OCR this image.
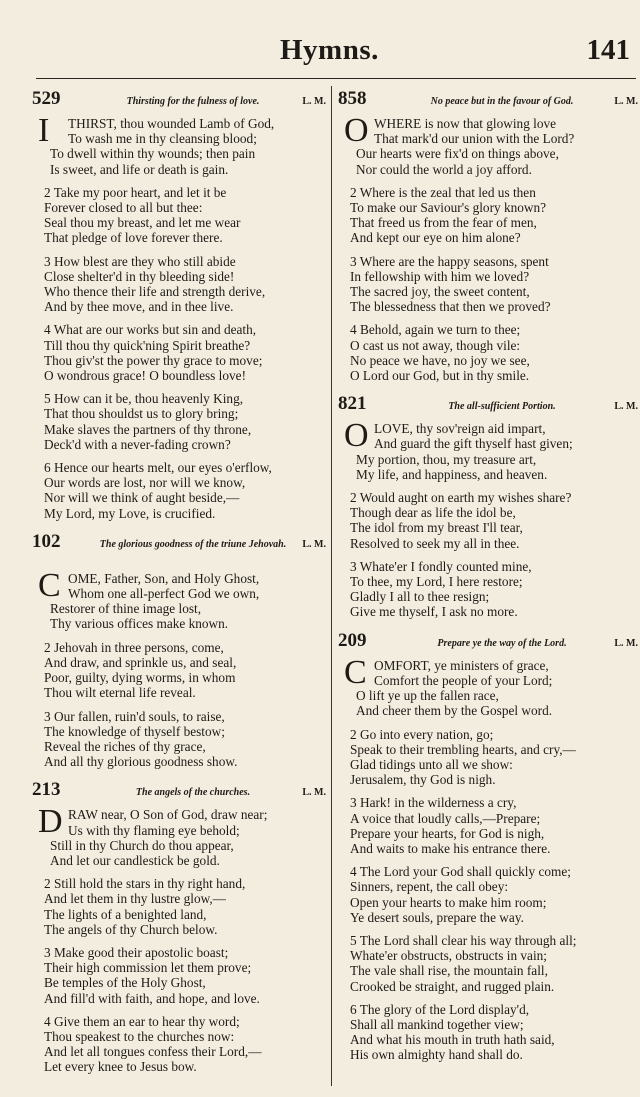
Hymns.	141
529	Thirsting for the fulness of love.	L. M.
I	THIRST, thou wounded Lamb of God,
To wash me in thy cleansing blood;
To dwell within thy wounds; then pain
Is sweet, and life or death is gain.
2 Take my poor heart, and let it be
Forever closed to all but thee:
Seal thou my breast, and let me wear
That pledge of love forever there.
3 How blest are they who still abide
Close shelter'd in thy bleeding side!
Who thence their life and strength derive,
And by thee move, and in thee live.
4 What are our works but sin and death,
Till thou thy quick'ning Spirit breathe?
Thou giv'st the power thy grace to move;
O wondrous grace! O boundless love!
5 How can it be, thou heavenly King,
That thou shouldst us to glory bring;
Make slaves the partners of thy throne,
Deck'd with a never-fading crown?
6 Hence our hearts melt, our eyes o'erflow,
Our words are lost, nor will we know,
Nor will we think of aught beside,—
My Lord, my Love, is crucified.
102	The glorious goodness of the triune Jehovah.	L. M.
C OME, Father, Son, and Holy Ghost,
Whom one all-perfect God we own,
Restorer of thine image lost,
Thy various offices make known.
2 Jehovah in three persons, come,
And draw, and sprinkle us, and seal,
Poor, guilty, dying worms, in whom
Thou wilt eternal life reveal.
3 Our fallen, ruin'd souls, to raise,
The knowledge of thyself bestow;
Reveal the riches of thy grace,
And all thy glorious goodness show.
213	The angels of the churches.	L. M.
D RAW near, O Son of God, draw near;
Us with thy flaming eye behold;
Still in thy Church do thou appear,
And let our candlestick be gold.
2 Still hold the stars in thy right hand,
And let them in thy lustre glow,—
The lights of a benighted land,
The angels of thy Church below.
3 Make good their apostolic boast;
Their high commission let them prove;
Be temples of the Holy Ghost,
And fill'd with faith, and hope, and love.
4 Give them an ear to hear thy word;
Thou speakest to the churches now:
And let all tongues confess their Lord,—
Let every knee to Jesus bow.
858	No peace but in the favour of God.	L. M.
O WHERE is now that glowing love
That mark'd our union with the Lord?
Our hearts were fix'd on things above,
Nor could the world a joy afford.
2 Where is the zeal that led us then
To make our Saviour's glory known?
That freed us from the fear of men,
And kept our eye on him alone?
3 Where are the happy seasons, spent
In fellowship with him we loved?
The sacred joy, the sweet content,
The blessedness that then we proved?
4 Behold, again we turn to thee;
O cast us not away, though vile:
No peace we have, no joy we see,
O Lord our God, but in thy smile.
821	The all-sufficient Portion.	L. M.
O LOVE, thy sov'reign aid impart,
And guard the gift thyself hast given;
My portion, thou, my treasure art,
My life, and happiness, and heaven.
2 Would aught on earth my wishes share?
Though dear as life the idol be,
The idol from my breast I'll tear,
Resolved to seek my all in thee.
3 Whate'er I fondly counted mine,
To thee, my Lord, I here restore;
Gladly I all to thee resign;
Give me thyself, I ask no more.
209	Prepare ye the way of the Lord.	L. M.
C OMFORT, ye ministers of grace,
Comfort the people of your Lord;
O lift ye up the fallen race,
And cheer them by the Gospel word.
2 Go into every nation, go;
Speak to their trembling hearts, and cry,—
Glad tidings unto all we show:
Jerusalem, thy God is nigh.
3 Hark! in the wilderness a cry,
A voice that loudly calls,—Prepare;
Prepare your hearts, for God is nigh,
And waits to make his entrance there.
4 The Lord your God shall quickly come;
Sinners, repent, the call obey:
Open your hearts to make him room;
Ye desert souls, prepare the way.
5 The Lord shall clear his way through all;
Whate'er obstructs, obstructs in vain;
The vale shall rise, the mountain fall,
Crooked be straight, and rugged plain.
6 The glory of the Lord display'd,
Shall all mankind together view;
And what his mouth in truth hath said,
His own almighty hand shall do.
